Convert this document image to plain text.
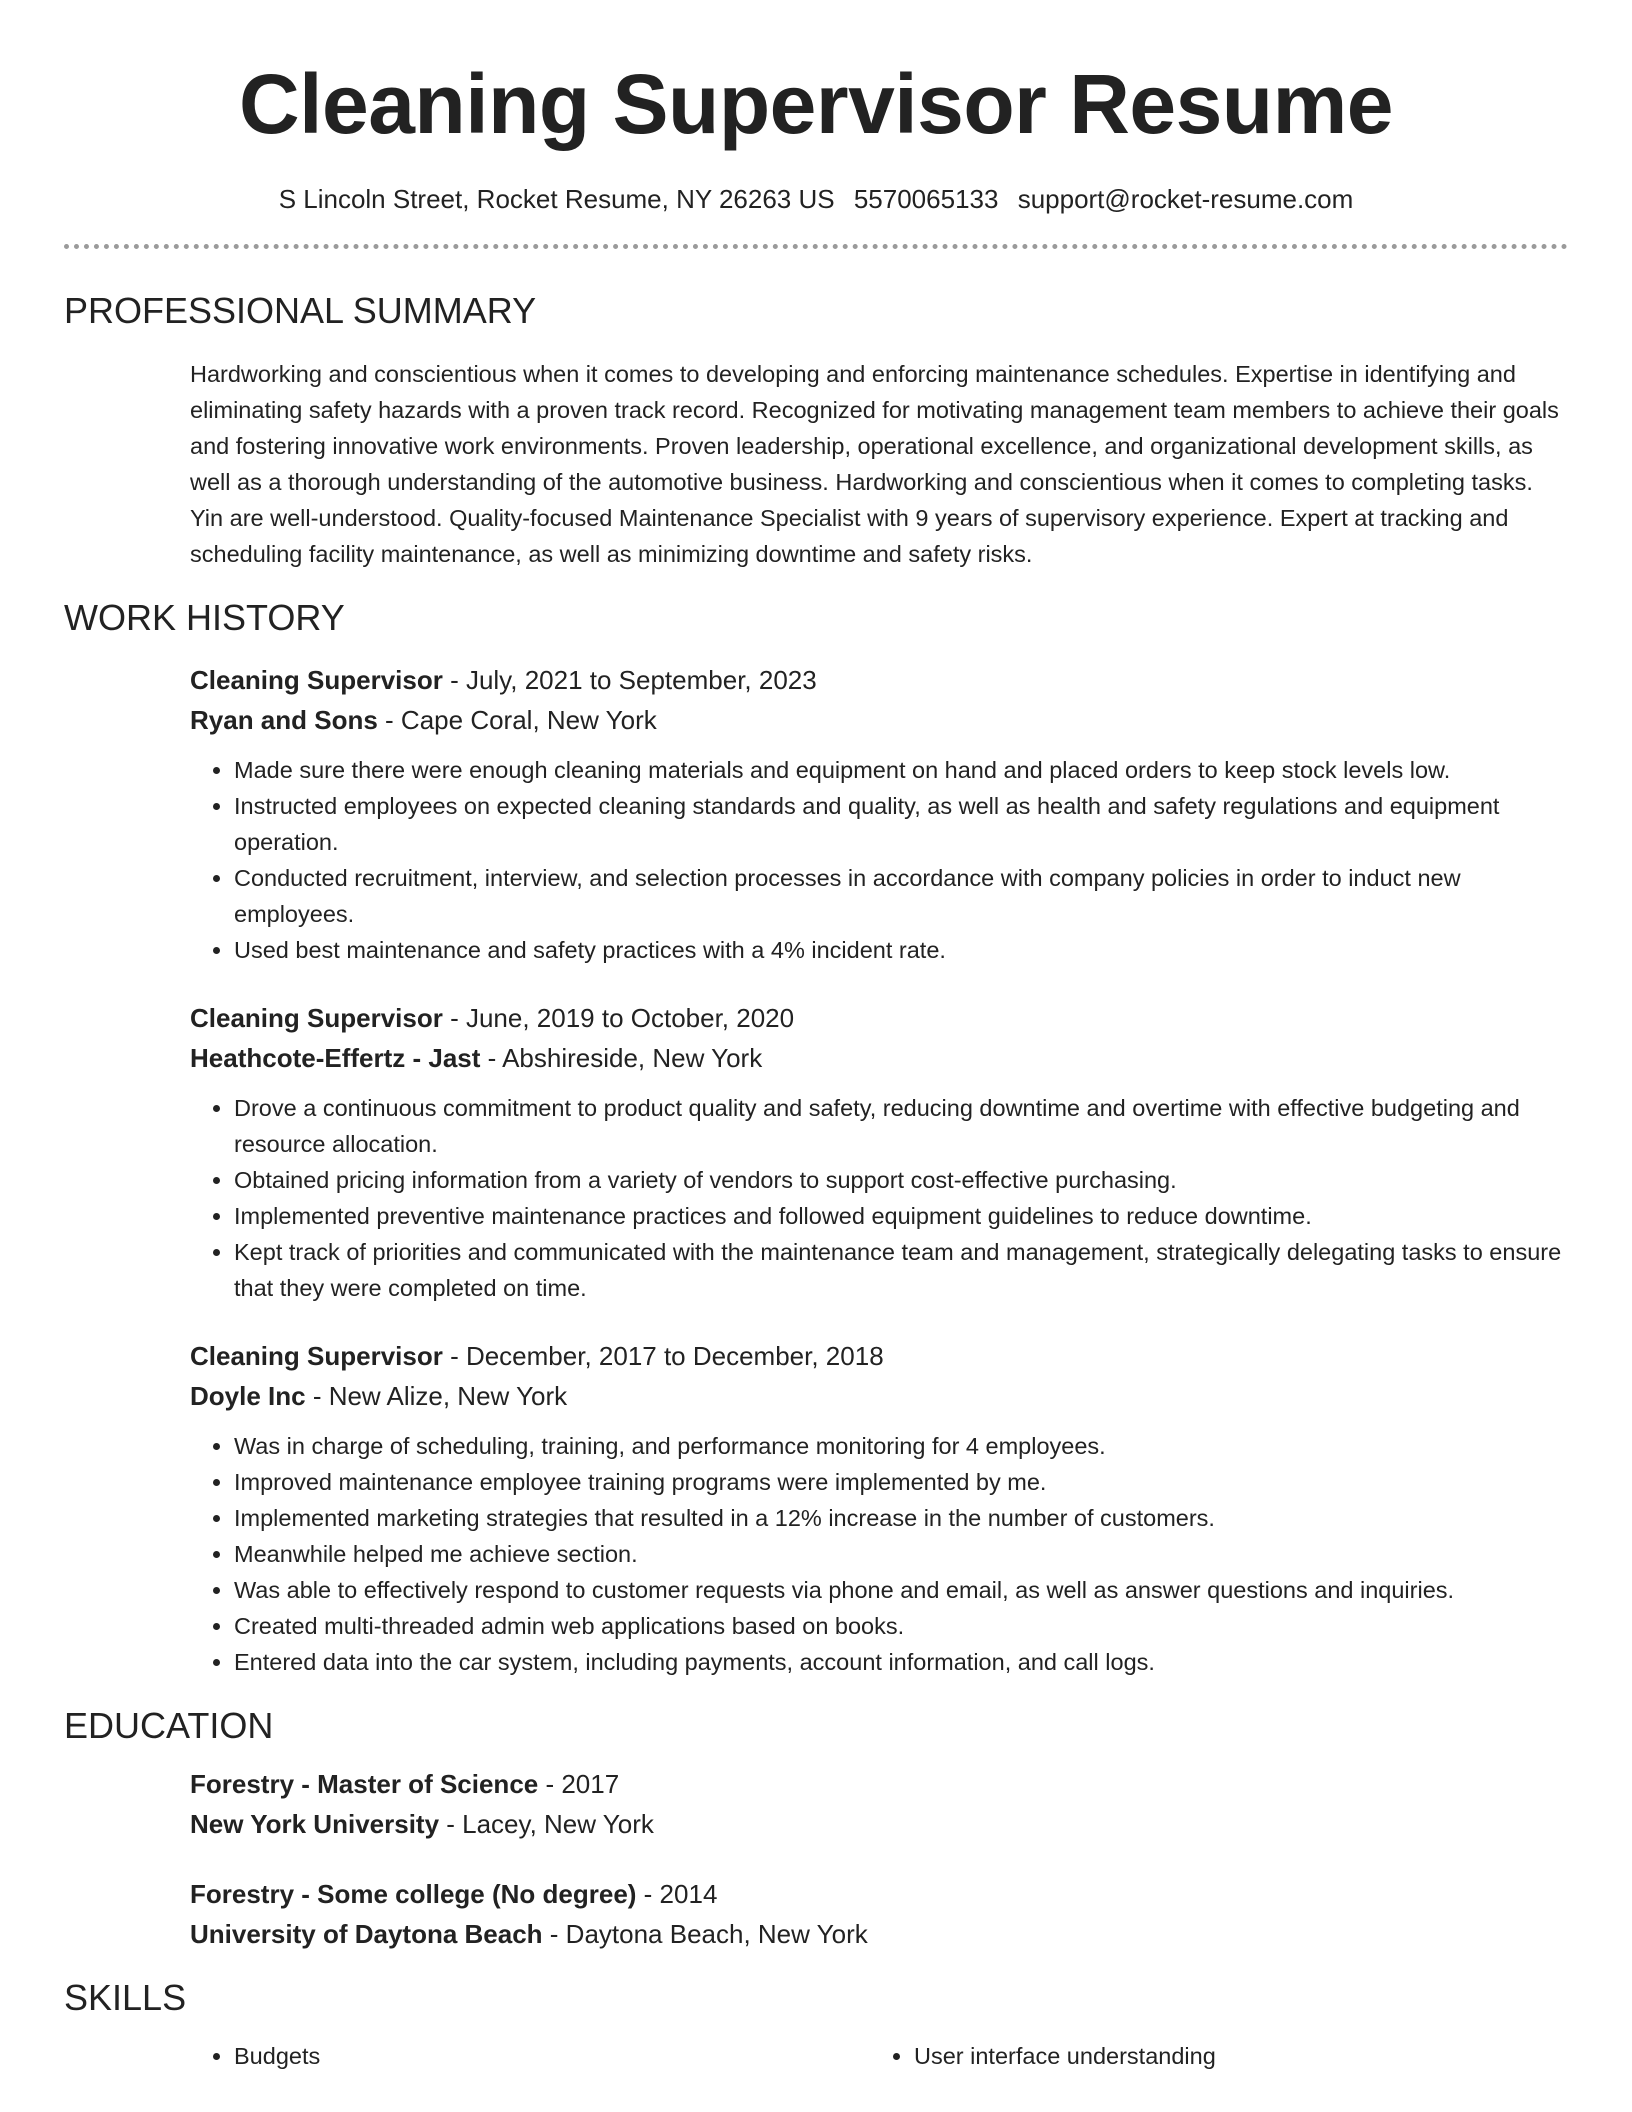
Cleaning Supervisor Resume
S Lincoln Street, Rocket Resume, NY 26263 US 5570065133 support@rocket-resume.com
PROFESSIONAL SUMMARY

Hardworking and conscientious when it comes to developing and enforcing maintenance schedules. Expertise in identifying and eliminating safety hazards with a proven track record. Recognized for motivating management team members to achieve their goals and fostering innovative work environments. Proven leadership, operational excellence, and organizational development skills, as well as a thorough understanding of the automotive business. Hardworking and conscientious when it comes to completing tasks. Yin are well-understood. Quality-focused Maintenance Specialist with 9 years of supervisory experience. Expert at tracking and scheduling facility maintenance, as well as minimizing downtime and safety risks.

WORK HISTORY
Cleaning Supervisor - July, 2021 to September, 2023
Ryan and Sons - Cape Coral, New York
• Made sure there were enough cleaning materials and equipment on hand and placed orders to keep stock levels low.
• Instructed employees on expected cleaning standards and quality, as well as health and safety regulations and equipment operation.
• Conducted recruitment, interview, and selection processes in accordance with company policies in order to induct new employees.
• Used best maintenance and safety practices with a 4% incident rate.
Cleaning Supervisor - June, 2019 to October, 2020
Heathcote-Effertz - Jast - Abshireside, New York
• Drove a continuous commitment to product quality and safety, reducing downtime and overtime with effective budgeting and resource allocation.
• Obtained pricing information from a variety of vendors to support cost-effective purchasing.
• Implemented preventive maintenance practices and followed equipment guidelines to reduce downtime.
• Kept track of priorities and communicated with the maintenance team and management, strategically delegating tasks to ensure that they were completed on time.
Cleaning Supervisor - December, 2017 to December, 2018
Doyle Inc - New Alize, New York
• Was in charge of scheduling, training, and performance monitoring for 4 employees.
• Improved maintenance employee training programs were implemented by me.
• Implemented marketing strategies that resulted in a 12% increase in the number of customers.
• Meanwhile helped me achieve section.
• Was able to effectively respond to customer requests via phone and email, as well as answer questions and inquiries.
• Created multi-threaded admin web applications based on books.
• Entered data into the car system, including payments, account information, and call logs.
EDUCATION
Forestry - Master of Science - 2017
New York University - Lacey, New York
Forestry - Some college (No degree) - 2014
University of Daytona Beach - Daytona Beach, New York
SKILLS
• Budgets
•	User interface understanding
